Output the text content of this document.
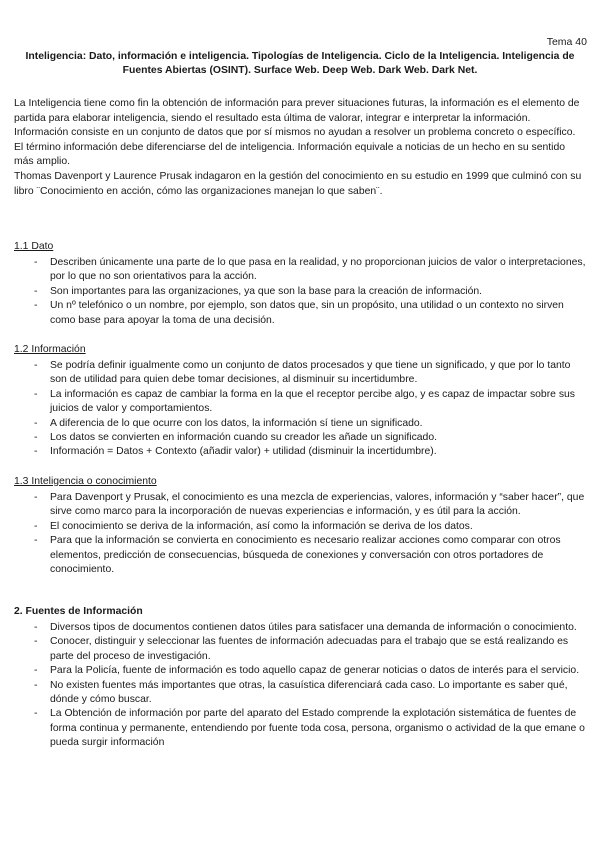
Tema 40
Inteligencia: Dato, información e inteligencia. Tipologías de Inteligencia. Ciclo de la Inteligencia. Inteligencia de Fuentes Abiertas (OSINT). Surface Web. Deep Web. Dark Web. Dark Net.

La Inteligencia tiene como fin la obtención de información para prever situaciones futuras, la información es el elemento de partida para elaborar inteligencia, siendo el resultado esta última de valorar, integrar e interpretar la información.

Información consiste en un conjunto de datos que por sí mismos no ayudan a resolver un problema concreto o específico.

El término información debe diferenciarse del de inteligencia. Información equivale a noticias de un hecho en su sentido más amplio.

Thomas Davenport y Laurence Prusak indagaron en la gestión del conocimiento en su estudio en 1999 que culminó con su libro ¨Conocimiento en acción, cómo las organizaciones manejan lo que saben¨.

1.1 Dato
- Describen únicamente una parte de lo que pasa en la realidad, y no proporcionan juicios de valor o interpretaciones, por lo que no son orientativos para la acción.
- Son importantes para las organizaciones, ya que son la base para la creación de información.
- Un nº telefónico o un nombre, por ejemplo, son datos que, sin un propósito, una utilidad o un contexto no sirven como base para apoyar la toma de una decisión.
1.2 Información
- Se podría definir igualmente como un conjunto de datos procesados y que tiene un significado, y que por lo tanto son de utilidad para quien debe tomar decisiones, al disminuir su incertidumbre.
- La información es capaz de cambiar la forma en la que el receptor percibe algo, y es capaz de impactar sobre sus juicios de valor y comportamientos.
- A diferencia de lo que ocurre con los datos, la información sí tiene un significado.
- Los datos se convierten en información cuando su creador les añade un significado.
- Información = Datos + Contexto (añadir valor) + utilidad (disminuir la incertidumbre).
1.3 Inteligencia o conocimiento
- Para Davenport y Prusak, el conocimiento es una mezcla de experiencias, valores, información y “saber hacer”, que sirve como marco para la incorporación de nuevas experiencias e información, y es útil para la acción.
- El conocimiento se deriva de la información, así como la información se deriva de los datos.
- Para que la información se convierta en conocimiento es necesario realizar acciones como comparar con otros elementos, predicción de consecuencias, búsqueda de conexiones y conversación con otros portadores de conocimiento.
2. Fuentes de Información
- Diversos tipos de documentos contienen datos útiles para satisfacer una demanda de información o conocimiento.
- Conocer, distinguir y seleccionar las fuentes de información adecuadas para el trabajo que se está realizando es parte del proceso de investigación.
- Para la Policía, fuente de información es todo aquello capaz de generar noticias o datos de interés para el servicio.
- No existen fuentes más importantes que otras, la casuística diferenciará cada caso. Lo importante es saber qué, dónde y cómo buscar.
- La Obtención de información por parte del aparato del Estado comprende la explotación sistemática de fuentes de forma continua y permanente, entendiendo por fuente toda cosa, persona, organismo o actividad de la que emane o pueda surgir información
